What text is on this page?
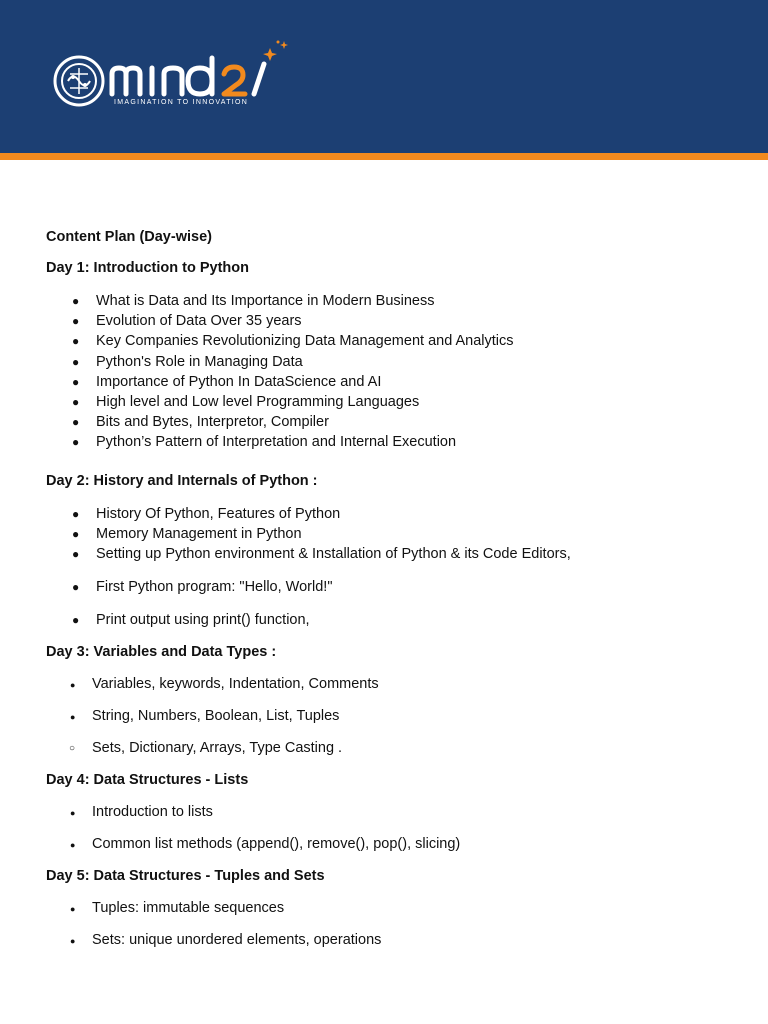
IMAGINATION TO INNOVATION
Content Plan (Day-wise)
Day 1: Introduction to Python
● What is Data and Its Importance in Modern Business
● Evolution of Data Over 35 years
● Key Companies Revolutionizing Data Management and Analytics
● Python's Role in Managing Data
● Importance of Python In DataScience and AI
● High level and Low level Programming Languages
● Bits and Bytes, Interpretor, Compiler
● Python’s Pattern of Interpretation and Internal Execution
Day 2: History and Internals of Python :
● History Of Python, Features of Python
● Memory Management in Python
● Setting up Python environment & Installation of Python & its Code Editors,
● First Python program: "Hello, World!"
● Print output using print() function,
Day 3: Variables and Data Types :
● Variables, keywords, Indentation, Comments
● String, Numbers, Boolean, List, Tuples
○ Sets, Dictionary, Arrays, Type Casting .
Day 4: Data Structures - Lists
● Introduction to lists
● Common list methods (append(), remove(), pop(), slicing)
Day 5: Data Structures - Tuples and Sets
● Tuples: immutable sequences
● Sets: unique unordered elements, operations
